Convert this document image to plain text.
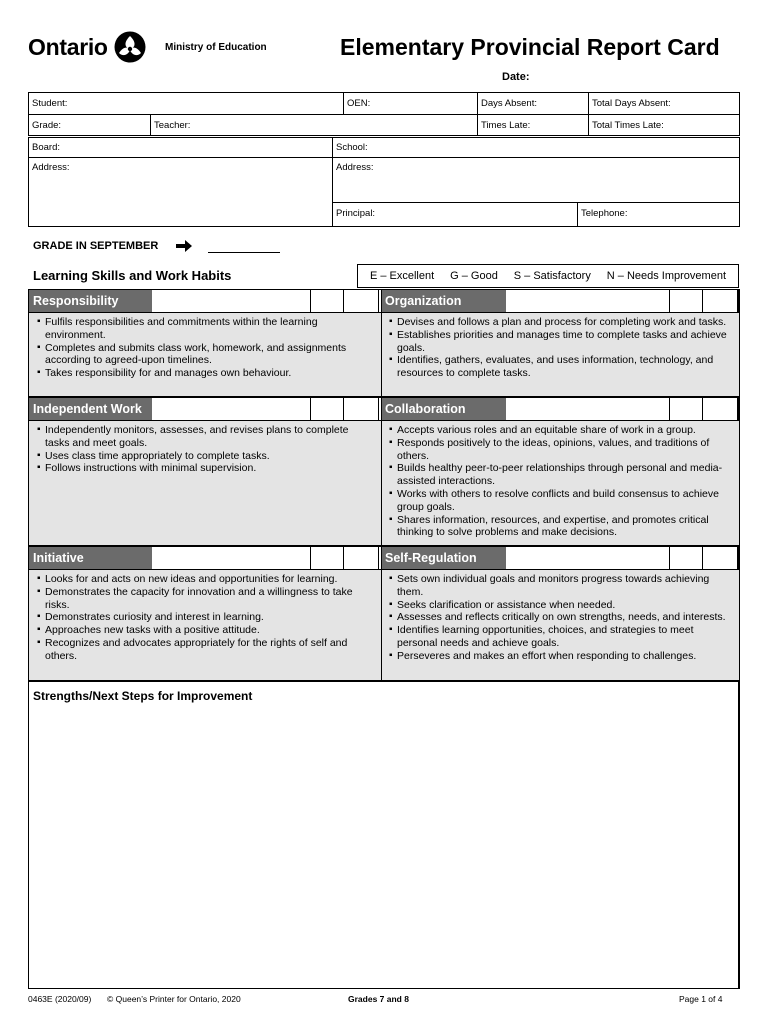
Ontario	Ministry of Education	Elementary Provincial Report Card
Date:
Student:	OEN:	Days Absent:	Total Days Absent:
Grade:	Teacher:	Times Late:	Total Times Late:
Board:	School:
Address:	Address:
Principal:	Telephone:
GRADE IN SEPTEMBER
Learning Skills and Work Habits	E – Excellent G – Good S – Satisfactory N – Needs Improvement
Responsibility	Organization
▪ Fulfils responsibilities and commitments within the learning environment.
▪ Completes and submits class work, homework, and assignments according to agreed-upon timelines.
▪ Takes responsibility for and manages own behaviour.
▪ Devises and follows a plan and process for completing work and tasks.
▪ Establishes priorities and manages time to complete tasks and achieve goals.
▪ Identifies, gathers, evaluates, and uses information, technology, and resources to complete tasks.
Independent Work	Collaboration
▪ Independently monitors, assesses, and revises plans to complete tasks and meet goals.
▪ Uses class time appropriately to complete tasks.
▪ Follows instructions with minimal supervision.
▪ Accepts various roles and an equitable share of work in a group.
▪ Responds positively to the ideas, opinions, values, and traditions of others.
▪ Builds healthy peer-to-peer relationships through personal and media-assisted interactions.
▪ Works with others to resolve conflicts and build consensus to achieve group goals.
▪ Shares information, resources, and expertise, and promotes critical thinking to solve problems and make decisions.
Initiative	Self-Regulation
▪ Looks for and acts on new ideas and opportunities for learning.
▪ Demonstrates the capacity for innovation and a willingness to take risks.
▪ Demonstrates curiosity and interest in learning.
▪ Approaches new tasks with a positive attitude.
▪ Recognizes and advocates appropriately for the rights of self and others.
▪ Sets own individual goals and monitors progress towards achieving them.
▪ Seeks clarification or assistance when needed.
▪ Assesses and reflects critically on own strengths, needs, and interests.
▪ Identifies learning opportunities, choices, and strategies to meet personal needs and achieve goals.
▪ Perseveres and makes an effort when responding to challenges.
Strengths/Next Steps for Improvement
0463E (2020/09) © Queen’s Printer for Ontario, 2020	Grades 7 and 8	Page 1 of 4
